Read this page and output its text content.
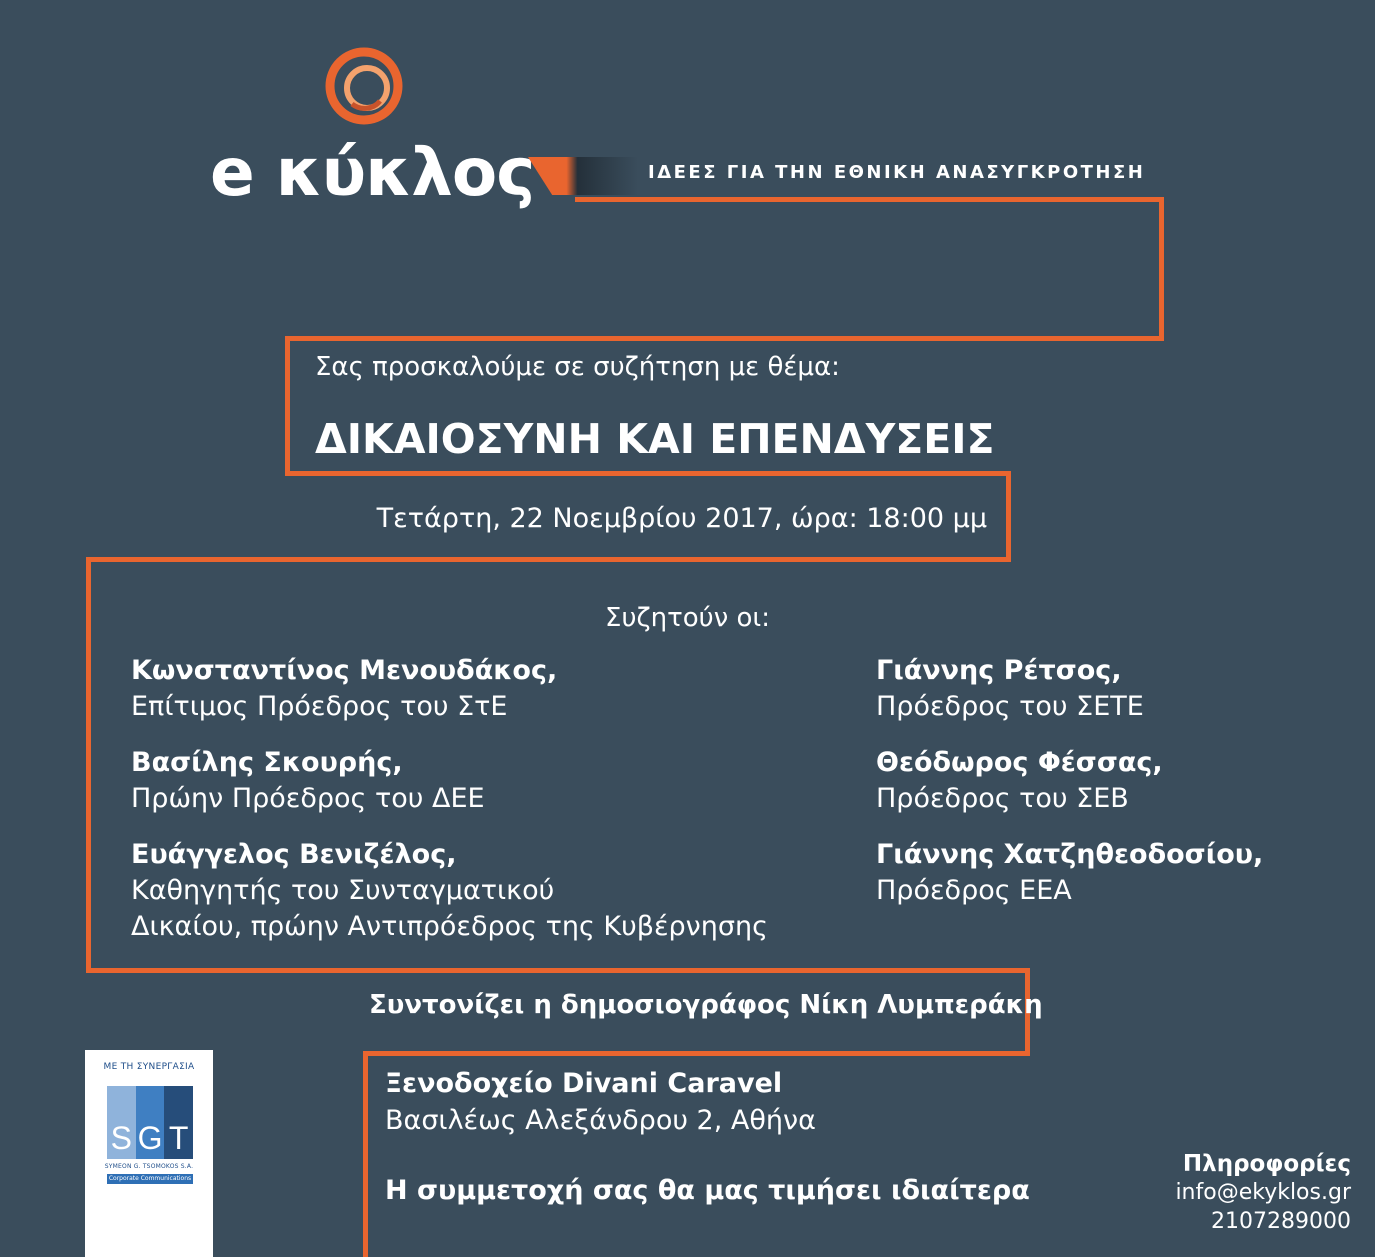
e κύκλος	ΙΔΕΕΣ ΓΙΑ ΤΗΝ ΕΘΝΙΚΗ ΑΝΑΣΥΓΚΡΟΤΗΣΗ
Σας προσκαλούμε σε συζήτηση με θέμα:
ΔΙΚΑΙΟΣΥΝΗ ΚΑΙ ΕΠΕΝΔΥΣΕΙΣ
Τετάρτη, 22 Νοεμβρίου 2017, ώρα: 18:00 μμ
Συζητούν οι:
Κωνσταντίνος Μενουδάκος,
Επίτιμος Πρόεδρος του ΣτΕ
Βασίλης Σκουρής,
Πρώην Πρόεδρος του ΔΕΕ
Ευάγγελος Βενιζέλος,
Καθηγητής του Συνταγματικού
Δικαίου, πρώην Αντιπρόεδρος της Κυβέρνησης
Γιάννης Ρέτσος,
Πρόεδρος του ΣΕΤΕ
Θεόδωρος Φέσσας,
Πρόεδρος του ΣΕΒ
Γιάννης Χατζηθεοδοσίου,
Πρόεδρος ΕΕΑ
Συντονίζει η δημοσιογράφος Νίκη Λυμπεράκη
Ξενοδοχείο Divani Caravel
Βασιλέως Αλεξάνδρου 2, Αθήνα
Η συμμετοχή σας θα μας τιμήσει ιδιαίτερα
Πληροφορίες
info@ekyklos.gr
2107289000
ΜΕ ΤΗ ΣΥΝΕΡΓΑΣΙΑ
S G T
SYMEON G. TSOMOKOS S.A.
Corporate Communications
